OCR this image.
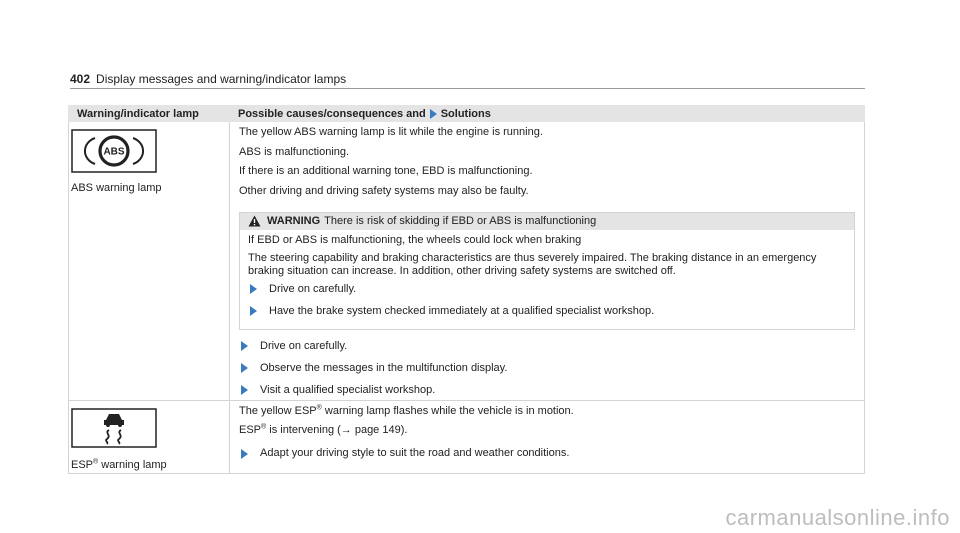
402 Display messages and warning/indicator lamps
Warning/indicator lamp	Possible causes/consequences and Solutions
ABS
ABS warning lamp

The yellow ABS warning lamp is lit while the engine is running.

ABS is malfunctioning.

If there is an additional warning tone, EBD is malfunctioning.

Other driving and driving safety systems may also be faulty.

WARNING There is risk of skidding if EBD or ABS is malfunctioning

If EBD or ABS is malfunctioning, the wheels could lock when braking

The steering capability and braking characteristics are thus severely impaired. The braking distance in an emergency braking situation can increase. In addition, other driving safety systems are switched off.

Drive on carefully.
Have the brake system checked immediately at a qualified specialist workshop.
Drive on carefully.
Observe the messages in the multifunction display.
Visit a qualified specialist workshop.
ESP® warning lamp

The yellow ESP® warning lamp flashes while the vehicle is in motion.

ESP® is intervening (→ page 149).

Adapt your driving style to suit the road and weather conditions.
carmanualsonline.info
